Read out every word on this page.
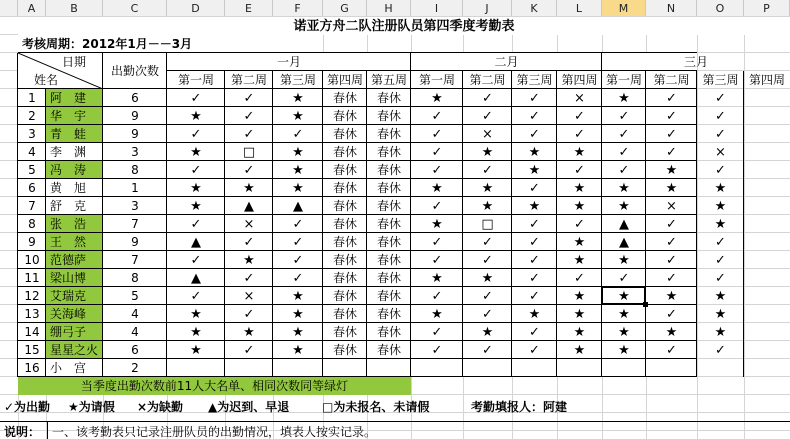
A	B	C	D	E	F	G	H	I	J	K	L	M	N	O	P
诺亚方舟二队注册队员第四季度考勤表
考核周期：2012年1月－－3月
日期
姓名
出勤次数
一月	二月	三月
第一周	第二周	第三周 第四周 第五周 第一周	第二周 第三周 第四周 第一周 第二周	第三周 第四周
1	阿　建	6	✓	✓	★	春休	春休	★	✓	✓	×	★	✓	✓
2	华　宇	9	★	✓	★	春休	春休	✓	✓	✓	✓	✓	✓	✓
3	青　蛙	9	✓	✓	✓	春休	春休	✓	×	✓	✓	✓	✓	✓
4	李　渊	3	★	□	★	春休	春休	✓	★	★	★	✓	✓	×
5	冯　涛	8	✓	✓	★	春休	春休	✓	✓	★	✓	✓	★	✓
6	黄　旭	1	★	★	★	春休	春休	★	★	✓	★	★	★	★
7	舒　克	3	★	▲	▲	春休	春休	✓	★	★	★	★	×	★
8	张　浩	7	✓	×	✓	春休	春休	★	□	✓	✓	▲	✓	★
9	王　然	9	▲	✓	✓	春休	春休	✓	✓	✓	★	▲	✓	✓
10 范德萨	7	✓	★	✓	春休	春休	✓	✓	✓	★	★	✓	✓
11 梁山博	8	▲	✓	✓	春休	春休	★	★	✓	✓	✓	✓	✓
12 艾瑞克	5	✓	×	★	春休	春休	✓	✓	✓	★	★	★	★
13 关海峰	4	★	✓	★	春休	春休	★	✓	★	★	★	✓	★
14 绷弓子	4	★	★	★	春休	春休	✓	★	✓	★	★	★	★
15 星星之火	6	★	✓	★	春休	春休	✓	✓	✓	★	★	✓	✓
16 小　宫	2
当季度出勤次数前11人大名单、相同次数同等绿灯
✓为出勤	★为请假	×为缺勤	▲为迟到、早退	□为未报名、未请假	考勤填报人：阿建
说明： 一、该考勤表只记录注册队员的出勤情况，填表人按实记录。
